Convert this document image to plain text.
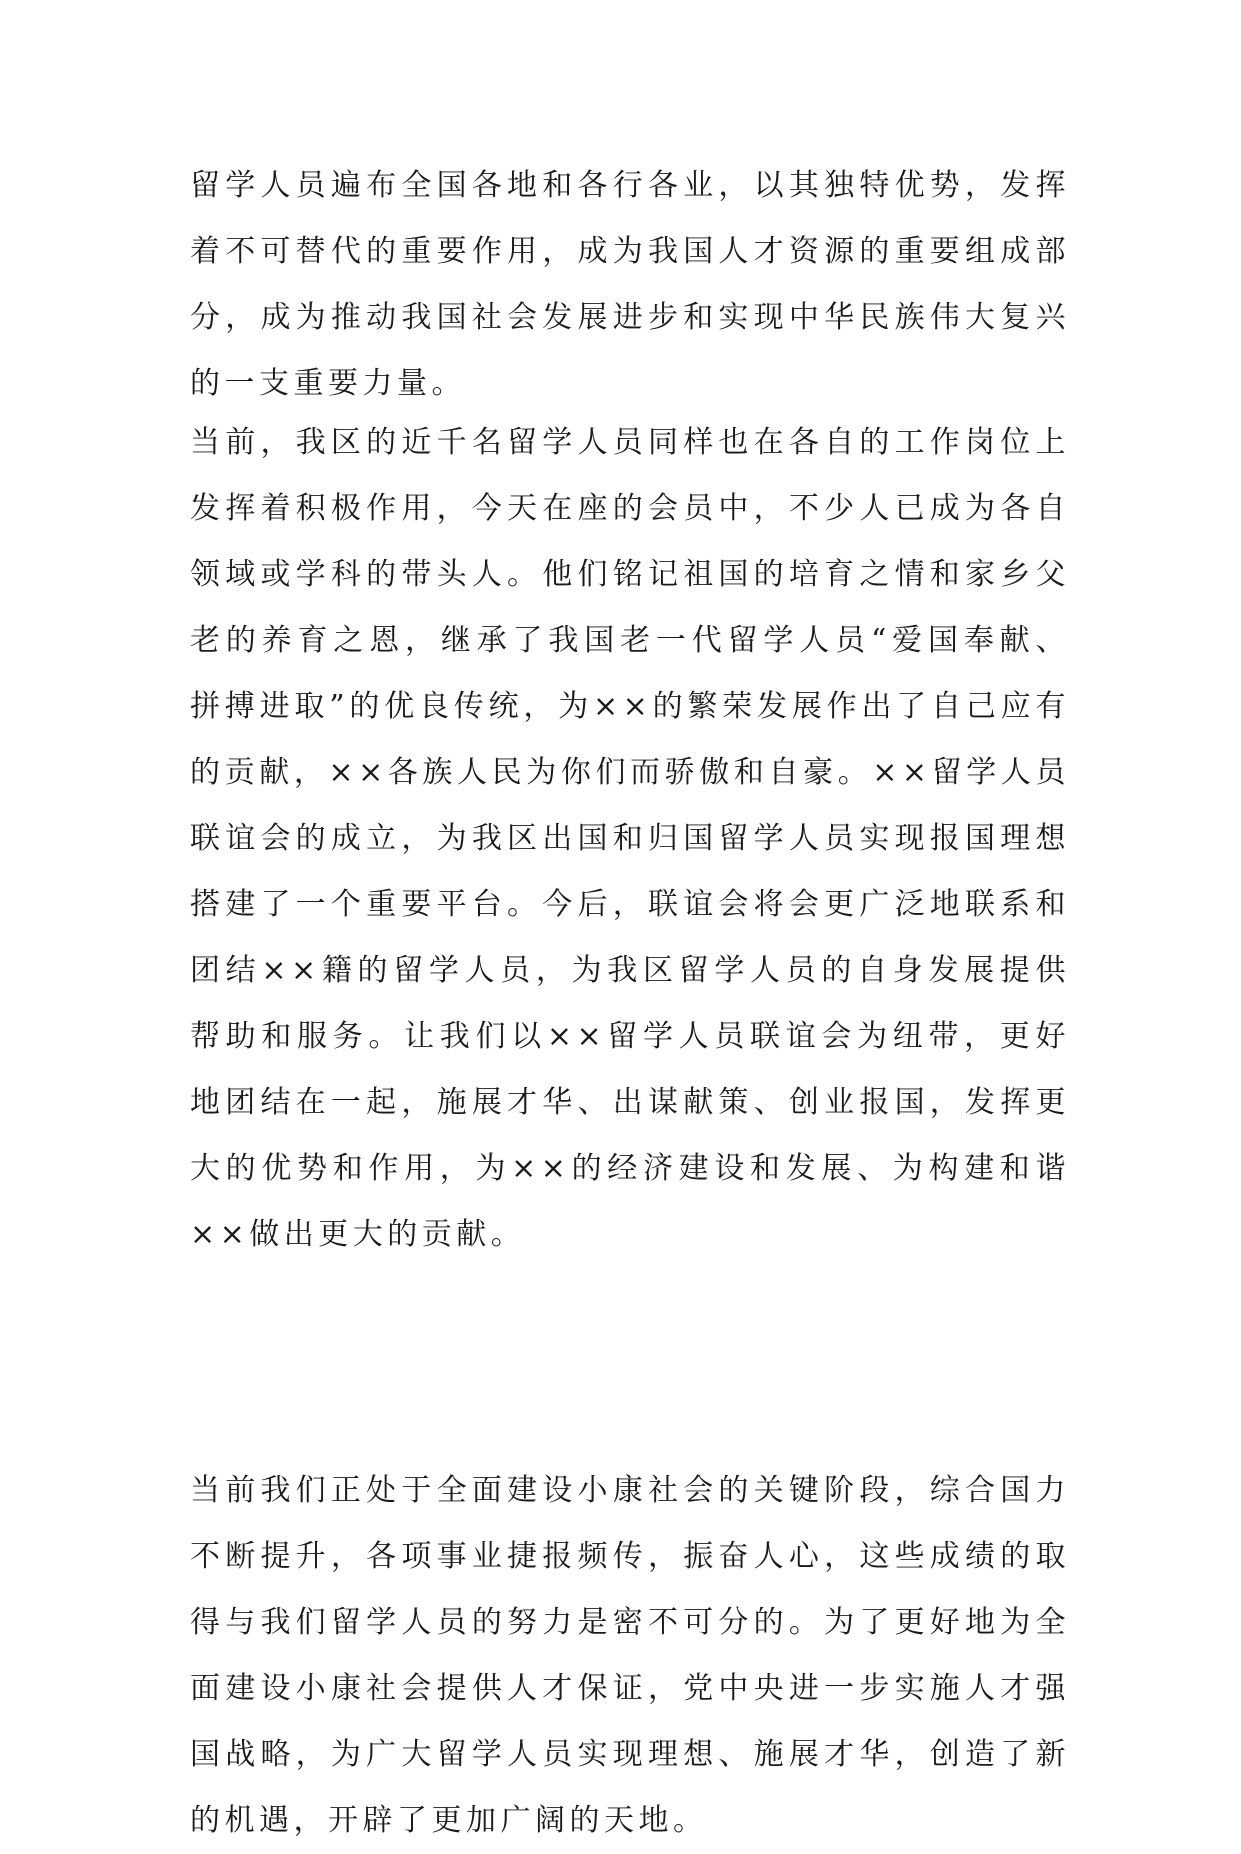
留学人员遍布全国各地和各行各业，以其独特优势，发挥着不可替代的重要作用，成为我国人才资源的重要组成部分，成为推动我国社会发展进步和实现中华民族伟大复兴的一支重要力量。

当前，我区的近千名留学人员同样也在各自的工作岗位上发挥着积极作用，今天在座的会员中，不少人已成为各自领域或学科的带头人。他们铭记祖国的培育之情和家乡父老的养育之恩，继承了我国老一代留学人员“爱国奉献、拼搏进取”的优良传统，为××的繁荣发展作出了自己应有的贡献，××各族人民为你们而骄傲和自豪。××留学人员联谊会的成立，为我区出国和归国留学人员实现报国理想搭建了一个重要平台。今后，联谊会将会更广泛地联系和团结××籍的留学人员，为我区留学人员的自身发展提供帮助和服务。让我们以××留学人员联谊会为纽带，更好地团结在一起，施展才华、出谋献策、创业报国，发挥更大的优势和作用，为××的经济建设和发展、为构建和谐××做出更大的贡献。

当前我们正处于全面建设小康社会的关键阶段，综合国力不断提升，各项事业捷报频传，振奋人心，这些成绩的取得与我们留学人员的努力是密不可分的。为了更好地为全面建设小康社会提供人才保证，党中央进一步实施人才强国战略，为广大留学人员实现理想、施展才华，创造了新的机遇，开辟了更加广阔的天地。
